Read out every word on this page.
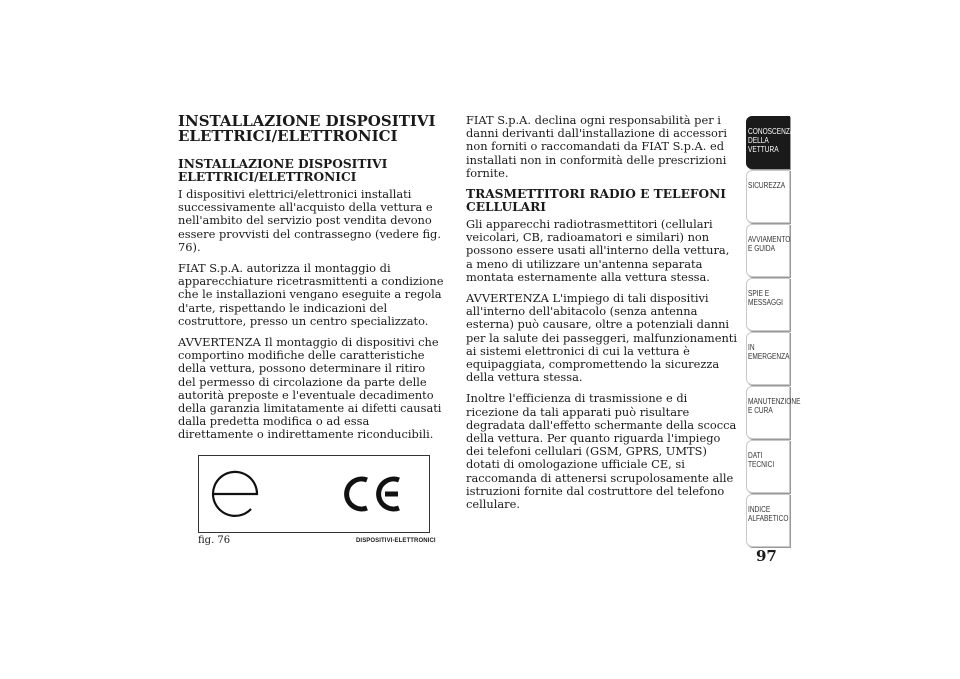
INSTALLAZIONE DISPOSITIVI ELETTRICI/ELETTRONICI
INSTALLAZIONE DISPOSITIVI ELETTRICI/ELETTRONICI

I dispositivi elettrici/elettronici installati successivamente all'acquisto della vettura e nell'ambito del servizio post vendita devono essere provvisti del contrassegno (vedere fig. 76).

FIAT S.p.A. autorizza il montaggio di apparecchiature ricetrasmittenti a condizione che le installazioni vengano eseguite a regola d'arte, rispettando le indicazioni del costruttore, presso un centro specializzato.

AVVERTENZA Il montaggio di dispositivi che comportino modifiche delle caratteristiche della vettura, possono determinare il ritiro del permesso di circolazione da parte delle autorità preposte e l'eventuale decadimento della garanzia limitatamente ai difetti causati dalla predetta modifica o ad essa direttamente o indirettamente riconducibili.

fig. 76	DISPOSITIVI-ELETTRONICI

FIAT S.p.A. declina ogni responsabilità per i danni derivanti dall'installazione di accessori non forniti o raccomandati da FIAT S.p.A. ed installati non in conformità delle prescrizioni fornite.

TRASMETTITORI RADIO E TELEFONI CELLULARI

Gli apparecchi radiotrasmettitori (cellulari veicolari, CB, radioamatori e similari) non possono essere usati all'interno della vettura, a meno di utilizzare un'antenna separata montata esternamente alla vettura stessa.

AVVERTENZA L'impiego di tali dispositivi all'interno dell'abitacolo (senza antenna esterna) può causare, oltre a potenziali danni per la salute dei passeggeri, malfunzionamenti ai sistemi elettronici di cui la vettura è equipaggiata, compromettendo la sicurezza della vettura stessa.

Inoltre l'efficienza di trasmissione e di ricezione da tali apparati può risultare degradata dall'effetto schermante della scocca della vettura. Per quanto riguarda l'impiego dei telefoni cellulari (GSM, GPRS, UMTS) dotati di omologazione ufficiale CE, si raccomanda di attenersi scrupolosamente alle istruzioni fornite dal costruttore del telefono cellulare.

CONOSCENZA DELLA VETTURA
SICUREZZA
AVVIAMENTO E GUIDA
SPIE E MESSAGGI
IN EMERGENZA
MANUTENZIONE E CURA
DATI TECNICI
INDICE ALFABETICO
97
